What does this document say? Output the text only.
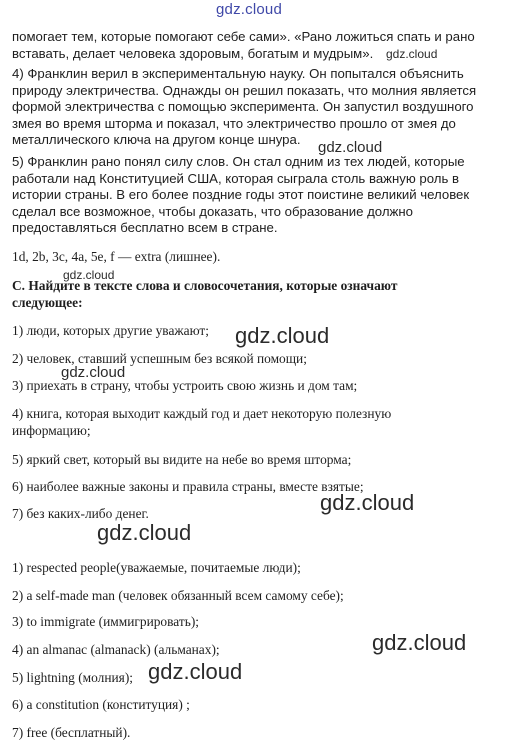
gdz.cloud
помогает тем, которые помогают себе сами». «Рано ложиться спать и рано
вставать, делает человека здоровым, богатым и мудрым».	gdz.cloud
4) Франклин верил в экспериментальную науку. Он попытался объяснить
природу электричества. Однажды он решил показать, что молния является
формой электричества с помощью эксперимента. Он запустил воздушного
змея во время шторма и показал, что электричество прошло от змея до
металлического ключа на другом конце шнура.	gdz.cloud
5) Франклин рано понял силу слов. Он стал одним из тех людей, которые
работали над Конституцией США, которая сыграла столь важную роль в
истории страны. В его более поздние годы этот поистине великий человек
сделал все возможное, чтобы доказать, что образование должно
предоставляться бесплатно всем в стране.
1d, 2b, 3c, 4a, 5e, f — extra (лишнее).
gdz.cloud
С. Найдите в тексте слова и словосочетания, которые означают
следующее:
1) люди, которых другие уважают;	gdz.cloud
2) человек, ставший успешным без всякой помощи;
gdz.cloud
3) приехать в страну, чтобы устроить свою жизнь и дом там;
4) книга, которая выходит каждый год и дает некоторую полезную
информацию;
5) яркий свет, который вы видите на небе во время шторма;
6) наиболее важные законы и правила страны, вместе взятые;
gdz.cloud
7) без каких-либо денег.
gdz.cloud
1) respected people(уважаемые, почитаемые люди);
2) a self-made man (человек обязанный всем самому себе);
3) to immigrate (иммигрировать);
gdz.cloud
4) an almanac (almanack) (альманах);
gdz.cloud
5) lightning (молния);
6) a constitution (конституция) ;
7) free (бесплатный).
